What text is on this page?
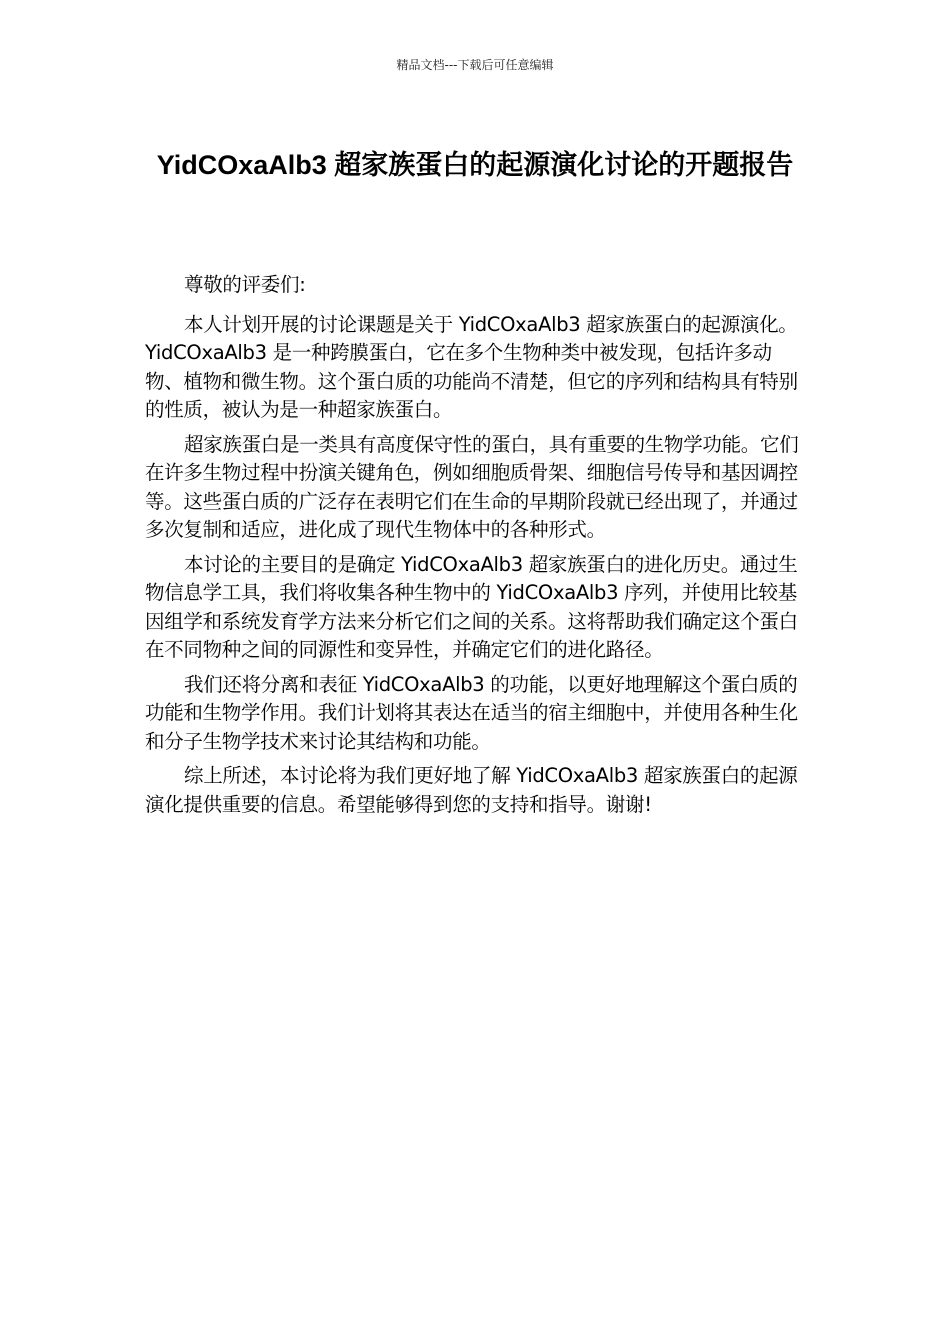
精品文档---下载后可任意编辑
YidCOxaAlb3 超家族蛋白的起源演化讨论的开题报告

尊敬的评委们:

本人计划开展的讨论课题是关于 YidCOxaAlb3 超家族蛋白的起源演化。YidCOxaAlb3 是一种跨膜蛋白，它在多个生物种类中被发现，包括许多动物、植物和微生物。这个蛋白质的功能尚不清楚，但它的序列和结构具有特别的性质，被认为是一种超家族蛋白。

超家族蛋白是一类具有高度保守性的蛋白，具有重要的生物学功能。它们在许多生物过程中扮演关键角色，例如细胞质骨架、细胞信号传导和基因调控等。这些蛋白质的广泛存在表明它们在生命的早期阶段就已经出现了，并通过多次复制和适应，进化成了现代生物体中的各种形式。

本讨论的主要目的是确定 YidCOxaAlb3 超家族蛋白的进化历史。通过生物信息学工具，我们将收集各种生物中的 YidCOxaAlb3 序列，并使用比较基因组学和系统发育学方法来分析它们之间的关系。这将帮助我们确定这个蛋白在不同物种之间的同源性和变异性，并确定它们的进化路径。

我们还将分离和表征 YidCOxaAlb3 的功能，以更好地理解这个蛋白质的功能和生物学作用。我们计划将其表达在适当的宿主细胞中，并使用各种生化和分子生物学技术来讨论其结构和功能。

综上所述，本讨论将为我们更好地了解 YidCOxaAlb3 超家族蛋白的起源演化提供重要的信息。希望能够得到您的支持和指导。谢谢!
